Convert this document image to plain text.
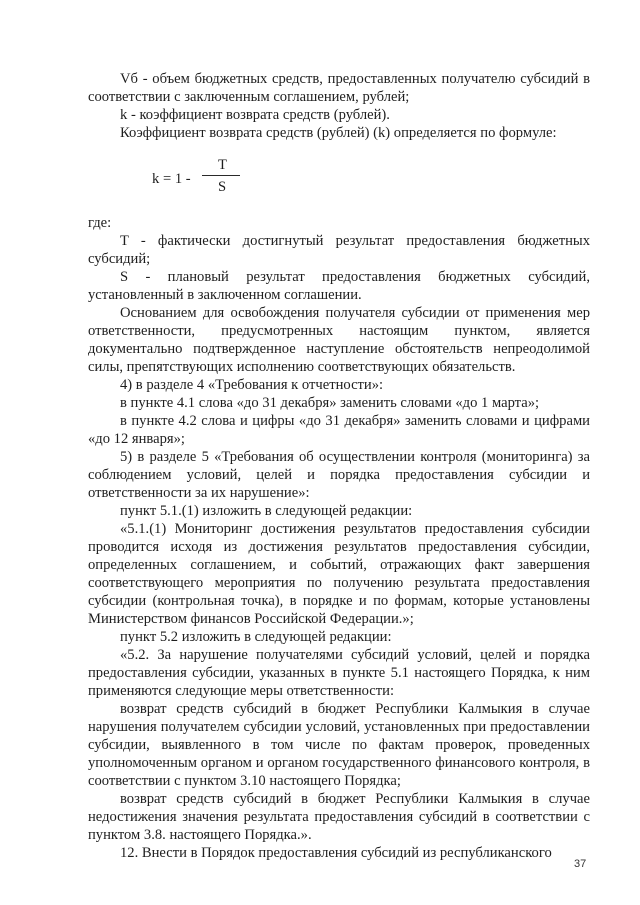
Vб - объем бюджетных средств, предоставленных получателю субсидий в соответствии с заключенным соглашением, рублей;

k - коэффициент возврата средств (рублей).

Коэффициент возврата средств (рублей) (k) определяется по формуле:

k = 1 -
T
S

где:

T - фактически достигнутый результат предоставления бюджетных субсидий;

S - плановый результат предоставления бюджетных субсидий, установленный в заключенном соглашении.

Основанием для освобождения получателя субсидии от применения мер ответственности, предусмотренных настоящим пунктом, является документально подтвержденное наступление обстоятельств непреодолимой силы, препятствующих исполнению соответствующих обязательств.

4) в разделе 4 «Требования к отчетности»:

в пункте 4.1 слова «до 31 декабря» заменить словами «до 1 марта»;

в пункте 4.2 слова и цифры «до 31 декабря» заменить словами и цифрами «до 12 января»;

5) в разделе 5 «Требования об осуществлении контроля (мониторинга) за соблюдением условий, целей и порядка предоставления субсидии и ответственности за их нарушение»:

пункт 5.1.(1) изложить в следующей редакции:

«5.1.(1) Мониторинг достижения результатов предоставления субсидии проводится исходя из достижения результатов предоставления субсидии, определенных соглашением, и событий, отражающих факт завершения соответствующего мероприятия по получению результата предоставления субсидии (контрольная точка), в порядке и по формам, которые установлены Министерством финансов Российской Федерации.»;

пункт 5.2 изложить в следующей редакции:

«5.2. За нарушение получателями субсидий условий, целей и порядка предоставления субсидии, указанных в пункте 5.1 настоящего Порядка, к ним применяются следующие меры ответственности:

возврат средств субсидий в бюджет Республики Калмыкия в случае нарушения получателем субсидии условий, установленных при предоставлении субсидии, выявленного в том числе по фактам проверок, проведенных уполномоченным органом и органом государственного финансового контроля, в соответствии с пунктом 3.10 настоящего Порядка;

возврат средств субсидий в бюджет Республики Калмыкия в случае недостижения значения результата предоставления субсидий в соответствии с пунктом 3.8. настоящего Порядка.».

12. Внести в Порядок предоставления субсидий из республиканского

37
